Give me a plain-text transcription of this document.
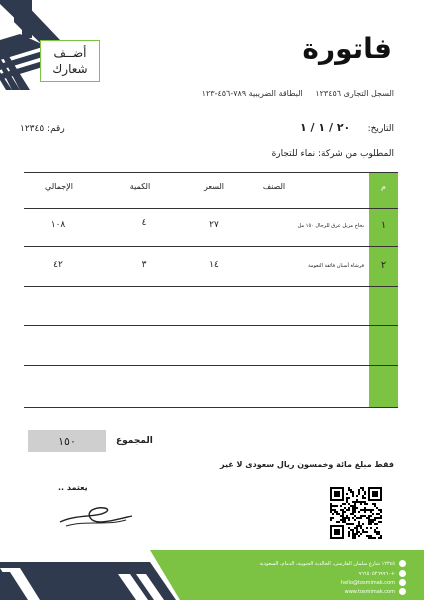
أضــف
شعارك
فاتورة
السجل التجارى ١٢٣٤٥٦ البطاقة الضريبية ٧٨٩-٤٥٦-١٢٣
التاريخ:
٢٠ / ١ / ١
رقم: ١٢٣٤٥
المطلوب من شركة: نماء للتجارة
م
الصنف
السعر
الكمية
الإجمالي
١
بخاخ مزيل عرق للرجال ١٥٠ مل
٢٧
٤
١٠٨
٢
فرشاة أسنان فائقة النعومة
١٤
٣
٤٢
المجموع
١٥٠
فقط مبلغ مائة وخمسون ريال سعودى لا غير
يعتمد ..
١٢٣٤٥ شارع سلمان الفارسى، الخالدية الجنوبية، الدمام، السعودية
+٩٦٦٥٠٥٢٦٩٩٦٠
hello@tosmimak.com
www.tosmimak.com
